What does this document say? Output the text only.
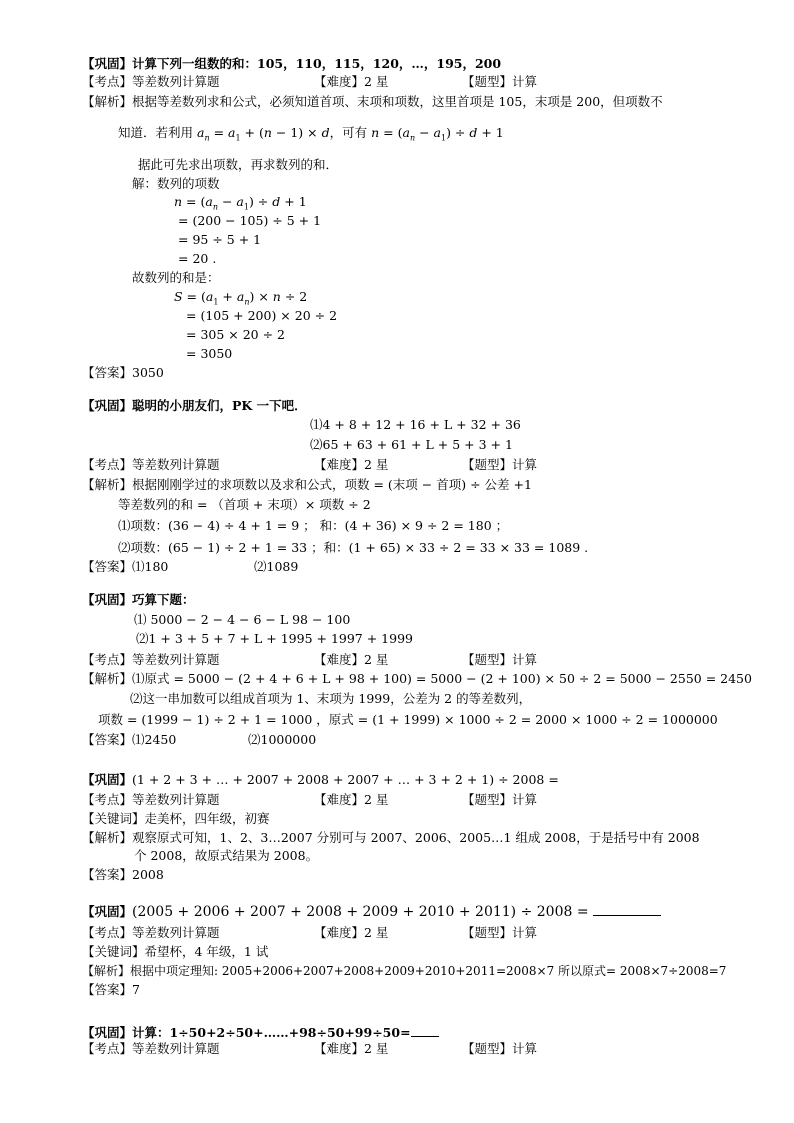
【巩固】计算下列一组数的和：105，110，115，120，…，195，200
【考点】等差数列计算题	【难度】2 星	【题型】计算
【解析】根据等差数列求和公式，必须知道首项、末项和项数，这里首项是 105，末项是 200，但项数不
知道．若利用 $a_n = a_1 + (n - 1) \times d$，可有 $n = (a_n - a_1) \div d + 1$
据此可先求出项数，再求数列的和．
解：数列的项数
$n = (a_n - a_1) \div d + 1$
= (200 − 105) ÷ 5 + 1
= 95 ÷ 5 + 1
= 20 .
故数列的和是：
$S = (a_1 + a_n) \times n \div 2$
= (105 + 200) × 20 ÷ 2
= 305 × 20 ÷ 2
= 3050
【答案】3050
【巩固】聪明的小朋友们，PK 一下吧．
⑴4 + 8 + 12 + 16 + L + 32 + 36
⑵65 + 63 + 61 + L + 5 + 3 + 1
【考点】等差数列计算题	【难度】2 星	【题型】计算
【解析】根据刚刚学过的求项数以及求和公式，项数 = (末项 − 首项) ÷ 公差 +1
等差数列的和 = （首项 + 末项）× 项数 ÷ 2
⑴项数：(36 − 4) ÷ 4 + 1 = 9 ； 和：(4 + 36) × 9 ÷ 2 = 180 ；
⑵项数：(65 − 1) ÷ 2 + 1 = 33 ；和：(1 + 65) × 33 ÷ 2 = 33 × 33 = 1089 .
【答案】⑴180	⑵1089
【巩固】巧算下题：
⑴ 5000 − 2 − 4 − 6 − L 98 − 100
⑵1 + 3 + 5 + 7 + L + 1995 + 1997 + 1999
【考点】等差数列计算题	【难度】2 星	【题型】计算
【解析】⑴原式 = 5000 − (2 + 4 + 6 + L + 98 + 100) = 5000 − (2 + 100) × 50 ÷ 2 = 5000 − 2550 = 2450
⑵这一串加数可以组成首项为 1、末项为 1999，公差为 2 的等差数列，
项数 = (1999 − 1) ÷ 2 + 1 = 1000 ，原式 = (1 + 1999) × 1000 ÷ 2 = 2000 × 1000 ÷ 2 = 1000000
【答案】⑴2450	⑵1000000
【巩固】(1 + 2 + 3 + … + 2007 + 2008 + 2007 + … + 3 + 2 + 1) ÷ 2008 =
【考点】等差数列计算题	【难度】2 星	【题型】计算
【关键词】走美杯，四年级，初赛
【解析】观察原式可知，1、2、3…2007 分别可与 2007、2006、2005…1 组成 2008，于是括号中有 2008
个 2008，故原式结果为 2008。
【答案】2008
【巩固】(2005 + 2006 + 2007 + 2008 + 2009 + 2010 + 2011) ÷ 2008 =
【考点】等差数列计算题	【难度】2 星	【题型】计算
【关键词】希望杯，4 年级，1 试
【解析】根据中项定理知: 2005+2006+2007+2008+2009+2010+2011=2008×7 所以原式= 2008×7÷2008=7
【答案】7
【巩固】计算：1÷50+2÷50+……+98÷50+99÷50=
【考点】等差数列计算题	【难度】2 星	【题型】计算
